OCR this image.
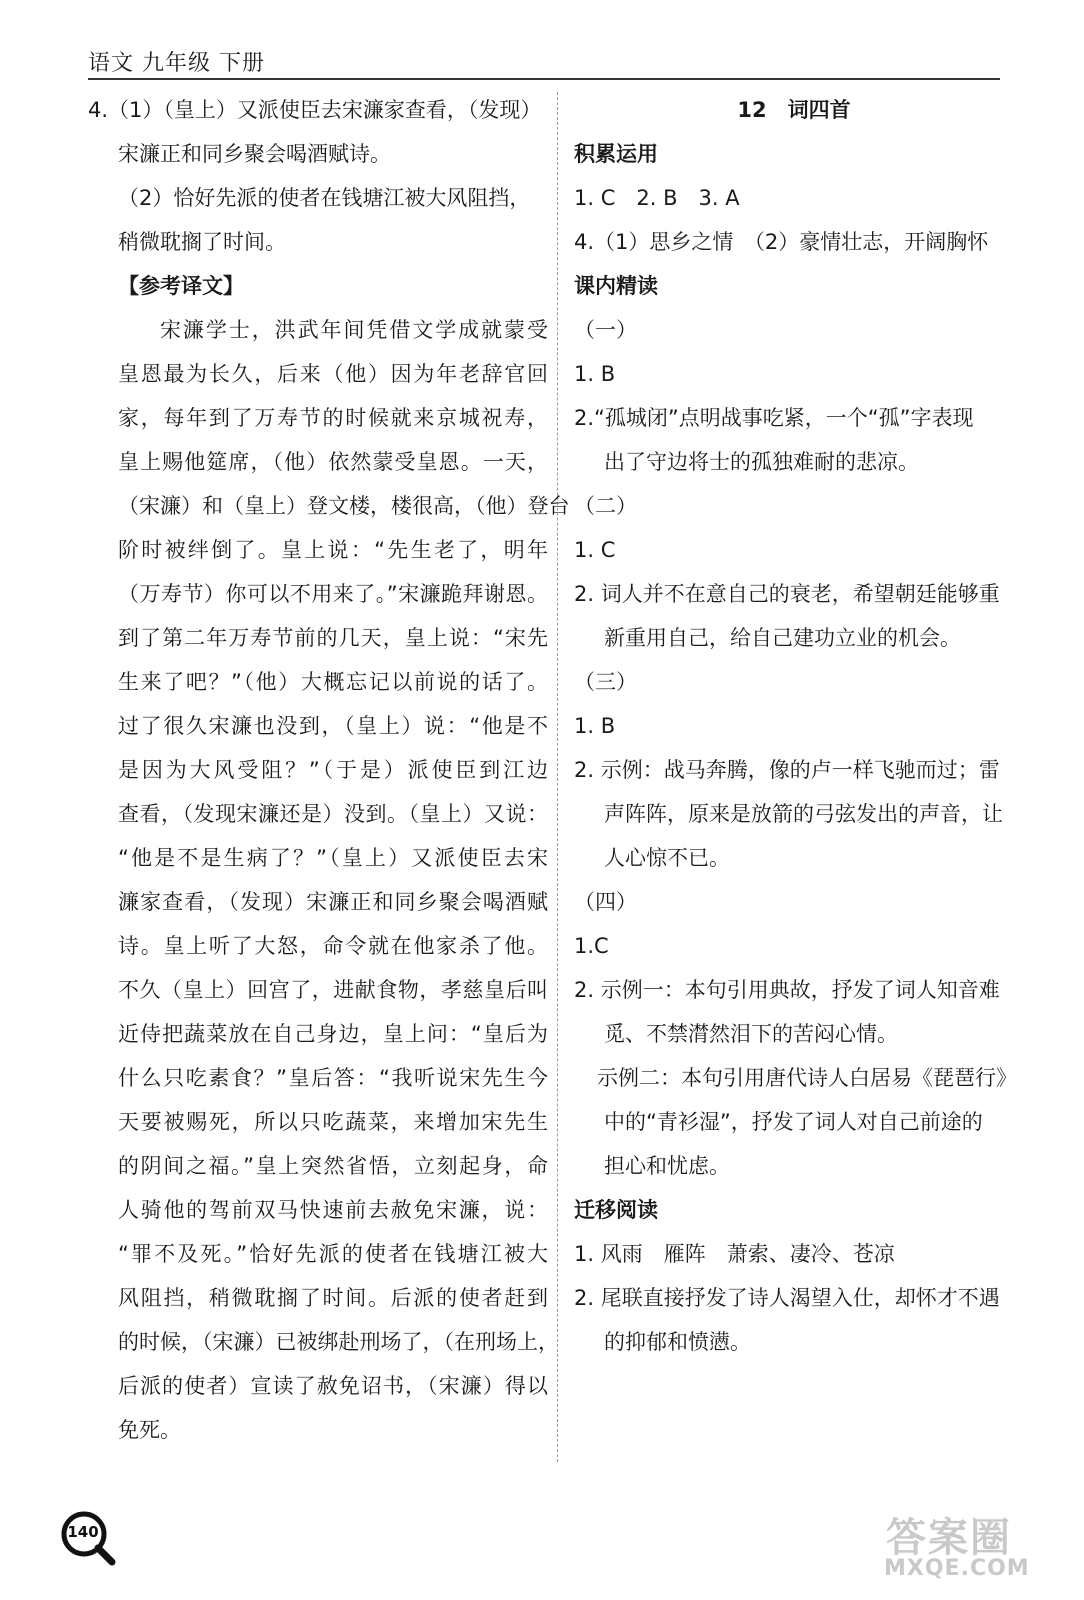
语文 九年级 下册
4.（1）（皇上）又派使臣去宋濂家查看，（发现）
宋濂正和同乡聚会喝酒赋诗。
（2）恰好先派的使者在钱塘江被大风阻挡，
稍微耽搁了时间。
【参考译文】

宋濂学士，洪武年间凭借文学成就蒙受

皇恩最为长久，后来（他）因为年老辞官回

家，每年到了万寿节的时候就来京城祝寿，

皇上赐他筵席，（他）依然蒙受皇恩。一天，

（宋濂）和（皇上）登文楼，楼很高，（他）登台

阶时被绊倒了。皇上说：“先生老了，明年

（万寿节）你可以不用来了。”宋濂跪拜谢恩。

到了第二年万寿节前的几天，皇上说：“宋先

生来了吧？”（他）大概忘记以前说的话了。

过了很久宋濂也没到，（皇上）说：“他是不

是因为大风受阻？”（于是）派使臣到江边

查看，（发现宋濂还是）没到。（皇上）又说：

“他是不是生病了？”（皇上）又派使臣去宋

濂家查看，（发现）宋濂正和同乡聚会喝酒赋

诗。皇上听了大怒，命令就在他家杀了他。

不久（皇上）回宫了，进献食物，孝慈皇后叫

近侍把蔬菜放在自己身边，皇上问：“皇后为

什么只吃素食？”皇后答：“我听说宋先生今

天要被赐死，所以只吃蔬菜，来增加宋先生

的阴间之福。”皇上突然省悟，立刻起身，命

人骑他的驾前双马快速前去赦免宋濂，说：

“罪不及死。”恰好先派的使者在钱塘江被大

风阻挡，稍微耽搁了时间。后派的使者赶到

的时候，（宋濂）已被绑赴刑场了，（在刑场上，

后派的使者）宣读了赦免诏书，（宋濂）得以

免死。

12　词四首
积累运用
1. C　2. B　3. A
4.（1）思乡之情　（2）豪情壮志，开阔胸怀
课内精读
（一）
1. B
2.“孤城闭”点明战事吃紧，一个“孤”字表现
出了守边将士的孤独难耐的悲凉。
（二）
1. C
2. 词人并不在意自己的衰老，希望朝廷能够重
新重用自己，给自己建功立业的机会。
（三）
1. B
2. 示例：战马奔腾，像的卢一样飞驰而过；雷
声阵阵，原来是放箭的弓弦发出的声音，让
人心惊不已。
（四）
1.C
2. 示例一：本句引用典故，抒发了词人知音难
觅、不禁潸然泪下的苦闷心情。
示例二：本句引用唐代诗人白居易《琵琶行》
中的“青衫湿”，抒发了词人对自己前途的
担心和忧虑。
迁移阅读
1. 风雨　雁阵　萧索、凄冷、苍凉
2. 尾联直接抒发了诗人渴望入仕，却怀才不遇
的抑郁和愤懑。
140	答案圈
MXQE.COM
